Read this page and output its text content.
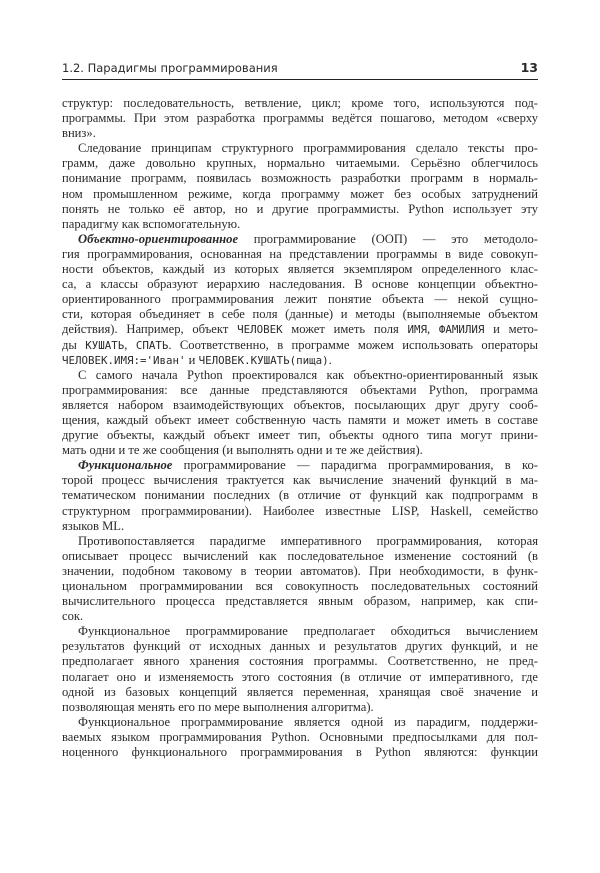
1.2. Парадигмы программирования	13
структур: последовательность, ветвление, цикл; кроме того, используются под-
программы. При этом разработка программы ведётся пошагово, методом «сверху
вниз».
Следование принципам структурного программирования сделало тексты про-
грамм, даже довольно крупных, нормально читаемыми. Серьёзно облегчилось
понимание программ, появилась возможность разработки программ в нормаль-
ном промышленном режиме, когда программу может без особых затруднений
понять не только её автор, но и другие программисты. Python использует эту
парадигму как вспомогательную.
Объектно-ориентированное программирование (ООП) — это методоло-
гия программирования, основанная на представлении программы в виде совокуп-
ности объектов, каждый из которых является экземпляром определенного клас-
са, а классы образуют иерархию наследования. В основе концепции объектно-
ориентированного программирования лежит понятие объекта — некой сущно-
сти, которая объединяет в себе поля (данные) и методы (выполняемые объектом
действия). Например, объект ЧЕЛОВЕК может иметь поля ИМЯ, ФАМИЛИЯ и мето-
ды КУШАТЬ, СПАТЬ. Соответственно, в программе можем использовать операторы
ЧЕЛОВЕК.ИМЯ:='Иван' и ЧЕЛОВЕК.КУШАТЬ(пища).
С самого начала Python проектировался как объектно-ориентированный язык
программирования: все данные представляются объектами Python, программа
является набором взаимодействующих объектов, посылающих друг другу сооб-
щения, каждый объект имеет собственную часть памяти и может иметь в составе
другие объекты, каждый объект имеет тип, объекты одного типа могут прини-
мать одни и те же сообщения (и выполнять одни и те же действия).
Функциональное программирование — парадигма программирования, в ко-
торой процесс вычисления трактуется как вычисление значений функций в ма-
тематическом понимании последних (в отличие от функций как подпрограмм в
структурном программировании). Наиболее известные LISP, Haskell, семейство
языков ML.
Противопоставляется парадигме императивного программирования, которая
описывает процесс вычислений как последовательное изменение состояний (в
значении, подобном таковому в теории автоматов). При необходимости, в функ-
циональном программировании вся совокупность последовательных состояний
вычислительного процесса представляется явным образом, например, как спи-
сок.
Функциональное программирование предполагает обходиться вычислением
результатов функций от исходных данных и результатов других функций, и не
предполагает явного хранения состояния программы. Соответственно, не пред-
полагает оно и изменяемость этого состояния (в отличие от императивного, где
одной из базовых концепций является переменная, хранящая своё значение и
позволяющая менять его по мере выполнения алгоритма).
Функциональное программирование является одной из парадигм, поддержи-
ваемых языком программирования Python. Основными предпосылками для пол-
ноценного функционального программирования в Python являются: функции
